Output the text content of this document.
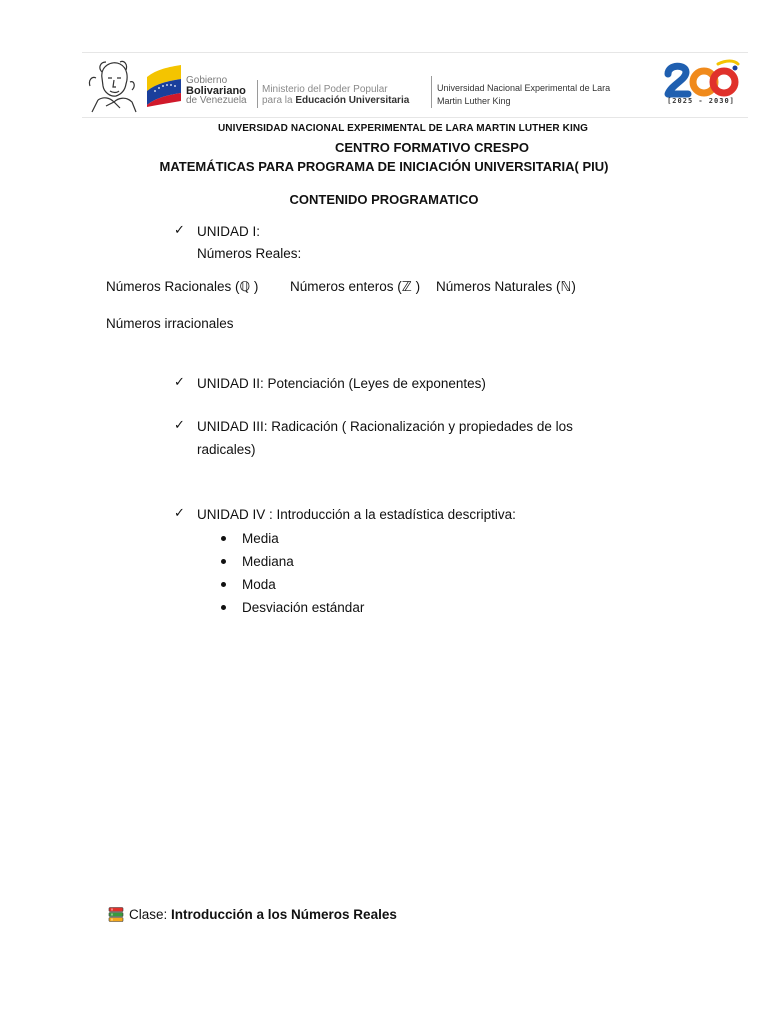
Gobierno
Bolivariano
de Venezuela
Ministerio del Poder Popular
para la Educación Universitaria
Universidad Nacional Experimental de Lara
Martin Luther King	[2025 - 2030]
UNIVERSIDAD NACIONAL EXPERIMENTAL DE LARA MARTIN LUTHER KING
CENTRO FORMATIVO CRESPO
MATEMÁTICAS PARA PROGRAMA DE INICIACIÓN UNIVERSITARIA( PIU)
CONTENIDO PROGRAMATICO
✓ UNIDAD I:
Números Reales:
Números Racionales (ℚ ) Números enteros (ℤ ) Números Naturales (ℕ)
Números irracionales
✓ UNIDAD II: Potenciación (Leyes de exponentes)
✓ UNIDAD III: Radicación ( Racionalización y propiedades de los
radicales)
✓ UNIDAD IV : Introducción a la estadística descriptiva:
Media
Mediana
Moda
Desviación estándar
Clase: Introducción a los Números Reales
